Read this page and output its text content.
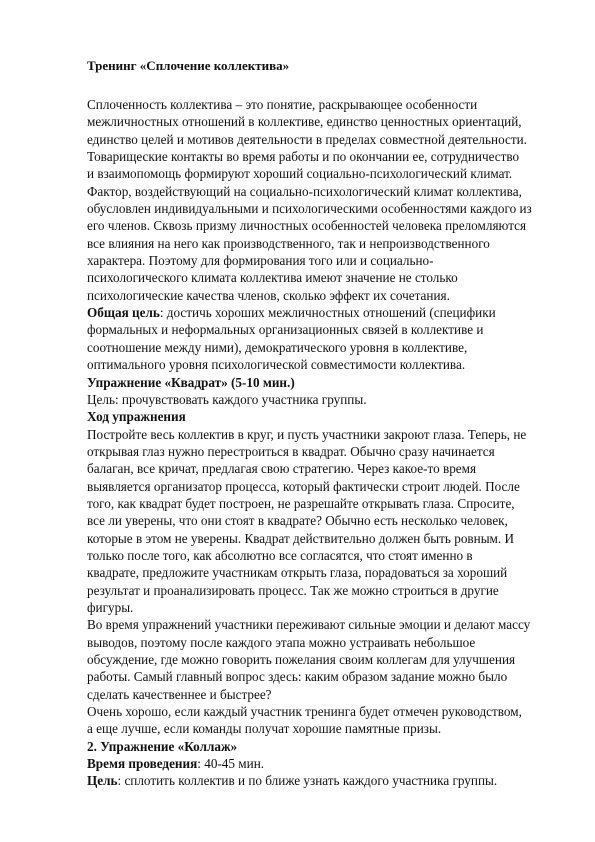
Тренинг «Сплочение коллектива»
Сплоченность коллектива – это понятие, раскрывающее особенности
межличностных отношений в коллективе, единство ценностных ориентаций,
единство целей и мотивов деятельности в пределах совместной деятельности.
Товарищеские контакты во время работы и по окончании ее, сотрудничество
и взаимопомощь формируют хороший социально-психологический климат.
Фактор, воздействующий на социально-психологический климат коллектива,
обусловлен индивидуальными и психологическими особенностями каждого из
его членов. Сквозь призму личностных особенностей человека преломляются
все влияния на него как производственного, так и непроизводственного
характера. Поэтому для формирования того или и социально-
психологического климата коллектива имеют значение не столько
психологические качества членов, сколько эффект их сочетания.
Общая цель: достичь хороших межличностных отношений (специфики
формальных и неформальных организационных связей в коллективе и
соотношение между ними), демократического уровня в коллективе,
оптимального уровня психологической совместимости коллектива.
Упражнение «Квадрат» (5-10 мин.)
Цель: прочувствовать каждого участника группы.
Ход упражнения
Постройте весь коллектив в круг, и пусть участники закроют глаза. Теперь, не
открывая глаз нужно перестроиться в квадрат. Обычно сразу начинается
балаган, все кричат, предлагая свою стратегию. Через какое-то время
выявляется организатор процесса, который фактически строит людей. После
того, как квадрат будет построен, не разрешайте открывать глаза. Спросите,
все ли уверены, что они стоят в квадрате? Обычно есть несколько человек,
которые в этом не уверены. Квадрат действительно должен быть ровным. И
только после того, как абсолютно все согласятся, что стоят именно в
квадрате, предложите участникам открыть глаза, порадоваться за хороший
результат и проанализировать процесс. Так же можно строиться в другие
фигуры.
Во время упражнений участники переживают сильные эмоции и делают массу
выводов, поэтому после каждого этапа можно устраивать небольшое
обсуждение, где можно говорить пожелания своим коллегам для улучшения
работы. Самый главный вопрос здесь: каким образом задание можно было
сделать качественнее и быстрее?
Очень хорошо, если каждый участник тренинга будет отмечен руководством,
а еще лучше, если команды получат хорошие памятные призы.
2. Упражнение «Коллаж»
Время проведения: 40-45 мин.
Цель: сплотить коллектив и по ближе узнать каждого участника группы.
